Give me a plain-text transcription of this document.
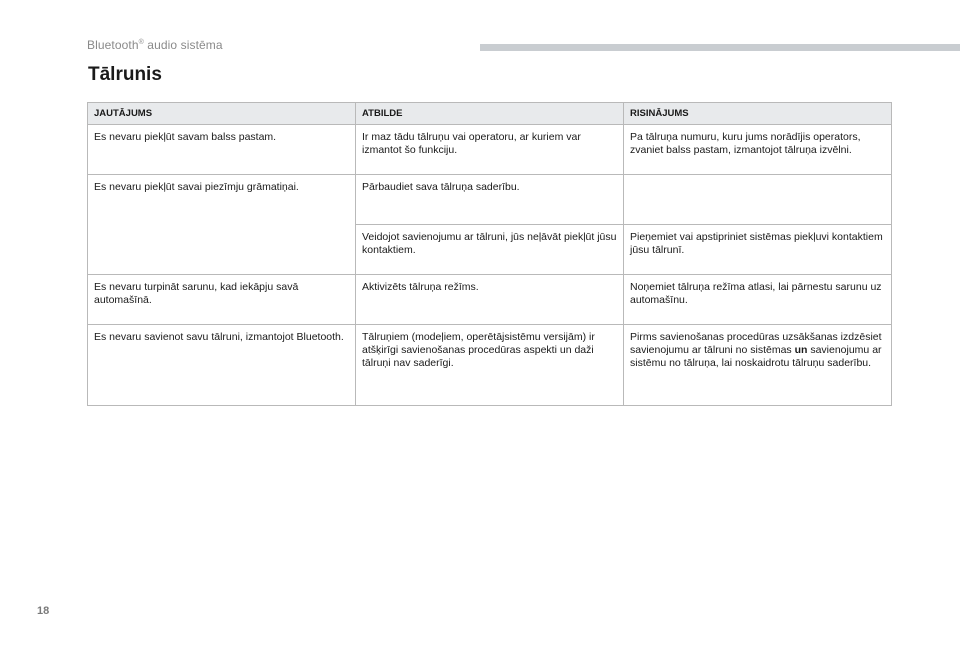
Bluetooth® audio sistēma
Tālrunis
JAUTĀJUMS	ATBILDE	RISINĀJUMS
Es nevaru piekļūt savam balss pastam.	Ir maz tādu tālruņu vai operatoru, ar kuriem var izmantot šo funkciju.	Pa tālruņa numuru, kuru jums norādījis operators, zvaniet balss pastam, izmantojot tālruņa izvēlni.
Es nevaru piekļūt savai piezīmju grāmatiņai.	Pārbaudiet sava tālruņa saderību.	
	Veidojot savienojumu ar tālruni, jūs neļāvāt piekļūt jūsu kontaktiem.	Pieņemiet vai apstipriniet sistēmas piekļuvi kontaktiem jūsu tālrunī.
Es nevaru turpināt sarunu, kad iekāpju savā automašīnā.	Aktivizēts tālruņa režīms.	Noņemiet tālruņa režīma atlasi, lai pārnestu sarunu uz automašīnu.
Es nevaru savienot savu tālruni, izmantojot Bluetooth.	Tālruņiem (modeļiem, operētājsistēmu versijām) ir atšķirīgi savienošanas procedūras aspekti un daži tālruņi nav saderīgi.	Pirms savienošanas procedūras uzsākšanas izdzēsiet savienojumu ar tālruni no sistēmas un savienojumu ar sistēmu no tālruņa, lai noskaidrotu tālruņu saderību.
18
